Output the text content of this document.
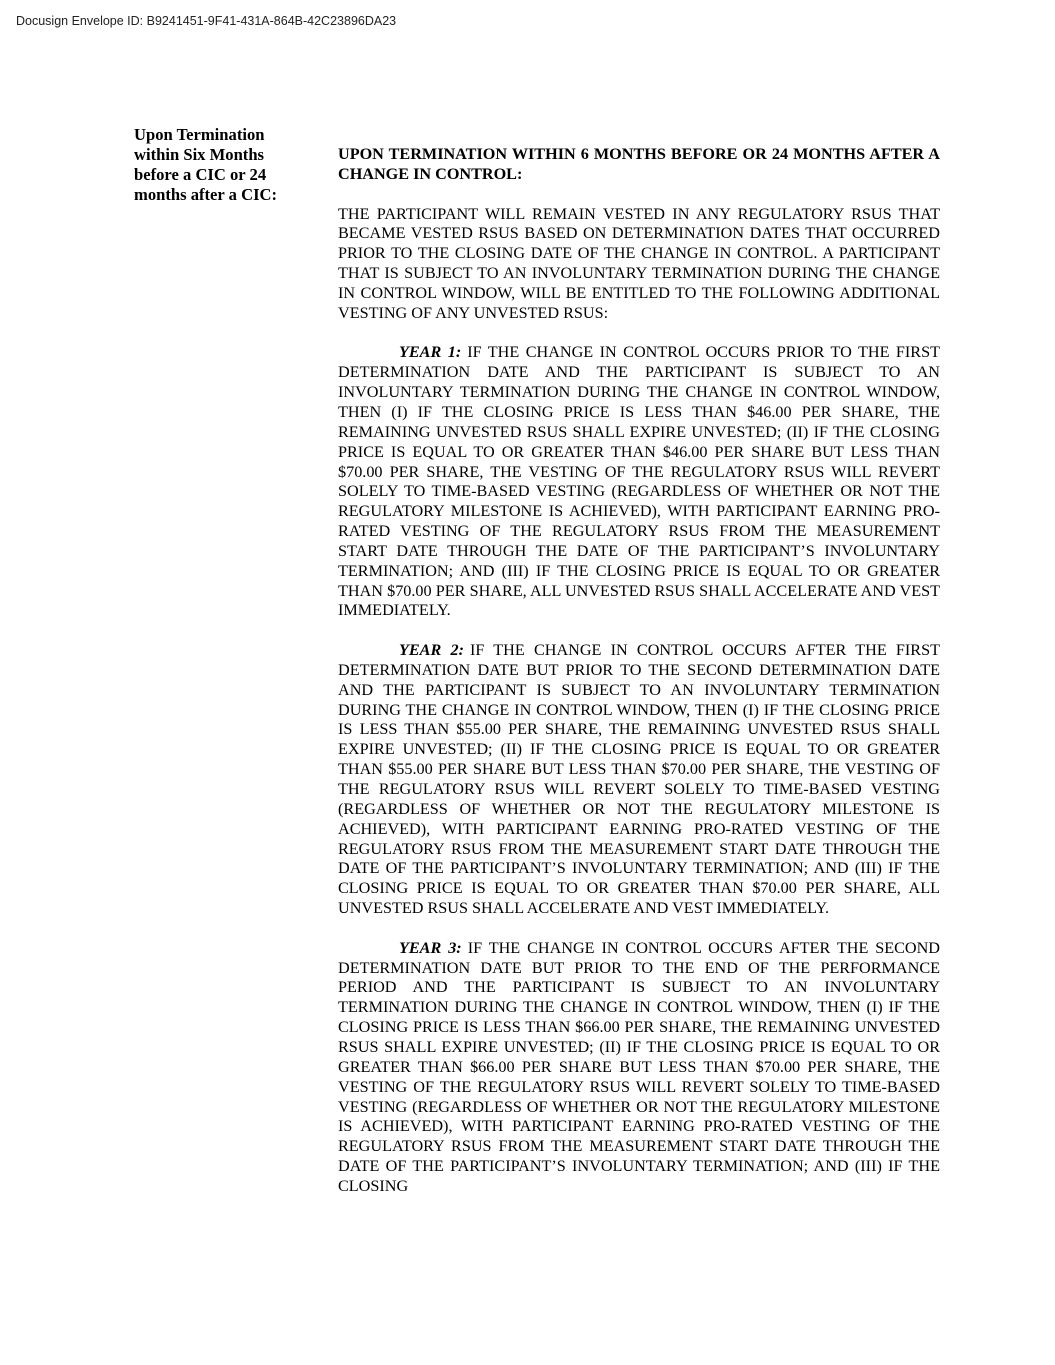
Docusign Envelope ID: B9241451-9F41-431A-864B-42C23896DA23
Upon Termination
within Six Months
before a CIC or 24
months after a CIC:

UPON TERMINATION WITHIN 6 MONTHS BEFORE OR 24 MONTHS AFTER A CHANGE IN CONTROL:

THE PARTICIPANT WILL REMAIN VESTED IN ANY REGULATORY RSUS THAT BECAME VESTED RSUS BASED ON DETERMINATION DATES THAT OCCURRED PRIOR TO THE CLOSING DATE OF THE CHANGE IN CONTROL. A PARTICIPANT THAT IS SUBJECT TO AN INVOLUNTARY TERMINATION DURING THE CHANGE IN CONTROL WINDOW, WILL BE ENTITLED TO THE FOLLOWING ADDITIONAL VESTING OF ANY UNVESTED RSUS:

YEAR 1: IF THE CHANGE IN CONTROL OCCURS PRIOR TO THE FIRST DETERMINATION DATE AND THE PARTICIPANT IS SUBJECT TO AN INVOLUNTARY TERMINATION DURING THE CHANGE IN CONTROL WINDOW, THEN (I) IF THE CLOSING PRICE IS LESS THAN $46.00 PER SHARE, THE REMAINING UNVESTED RSUS SHALL EXPIRE UNVESTED; (II) IF THE CLOSING PRICE IS EQUAL TO OR GREATER THAN $46.00 PER SHARE BUT LESS THAN $70.00 PER SHARE, THE VESTING OF THE REGULATORY RSUS WILL REVERT SOLELY TO TIME-BASED VESTING (REGARDLESS OF WHETHER OR NOT THE REGULATORY MILESTONE IS ACHIEVED), WITH PARTICIPANT EARNING PRO-RATED VESTING OF THE REGULATORY RSUS FROM THE MEASUREMENT START DATE THROUGH THE DATE OF THE PARTICIPANT’S INVOLUNTARY TERMINATION; AND (III) IF THE CLOSING PRICE IS EQUAL TO OR GREATER THAN $70.00 PER SHARE, ALL UNVESTED RSUS SHALL ACCELERATE AND VEST IMMEDIATELY.

YEAR 2: IF THE CHANGE IN CONTROL OCCURS AFTER THE FIRST DETERMINATION DATE BUT PRIOR TO THE SECOND DETERMINATION DATE AND THE PARTICIPANT IS SUBJECT TO AN INVOLUNTARY TERMINATION DURING THE CHANGE IN CONTROL WINDOW, THEN (I) IF THE CLOSING PRICE IS LESS THAN $55.00 PER SHARE, THE REMAINING UNVESTED RSUS SHALL EXPIRE UNVESTED; (II) IF THE CLOSING PRICE IS EQUAL TO OR GREATER THAN $55.00 PER SHARE BUT LESS THAN $70.00 PER SHARE, THE VESTING OF THE REGULATORY RSUS WILL REVERT SOLELY TO TIME-BASED VESTING (REGARDLESS OF WHETHER OR NOT THE REGULATORY MILESTONE IS ACHIEVED), WITH PARTICIPANT EARNING PRO-RATED VESTING OF THE REGULATORY RSUS FROM THE MEASUREMENT START DATE THROUGH THE DATE OF THE PARTICIPANT’S INVOLUNTARY TERMINATION; AND (III) IF THE CLOSING PRICE IS EQUAL TO OR GREATER THAN $70.00 PER SHARE, ALL UNVESTED RSUS SHALL ACCELERATE AND VEST IMMEDIATELY.

YEAR 3: IF THE CHANGE IN CONTROL OCCURS AFTER THE SECOND DETERMINATION DATE BUT PRIOR TO THE END OF THE PERFORMANCE PERIOD AND THE PARTICIPANT IS SUBJECT TO AN INVOLUNTARY TERMINATION DURING THE CHANGE IN CONTROL WINDOW, THEN (I) IF THE CLOSING PRICE IS LESS THAN $66.00 PER SHARE, THE REMAINING UNVESTED RSUS SHALL EXPIRE UNVESTED; (II) IF THE CLOSING PRICE IS EQUAL TO OR GREATER THAN $66.00 PER SHARE BUT LESS THAN $70.00 PER SHARE, THE VESTING OF THE REGULATORY RSUS WILL REVERT SOLELY TO TIME-BASED VESTING (REGARDLESS OF WHETHER OR NOT THE REGULATORY MILESTONE IS ACHIEVED), WITH PARTICIPANT EARNING PRO-RATED VESTING OF THE REGULATORY RSUS FROM THE MEASUREMENT START DATE THROUGH THE DATE OF THE PARTICIPANT’S INVOLUNTARY TERMINATION; AND (III) IF THE CLOSING
